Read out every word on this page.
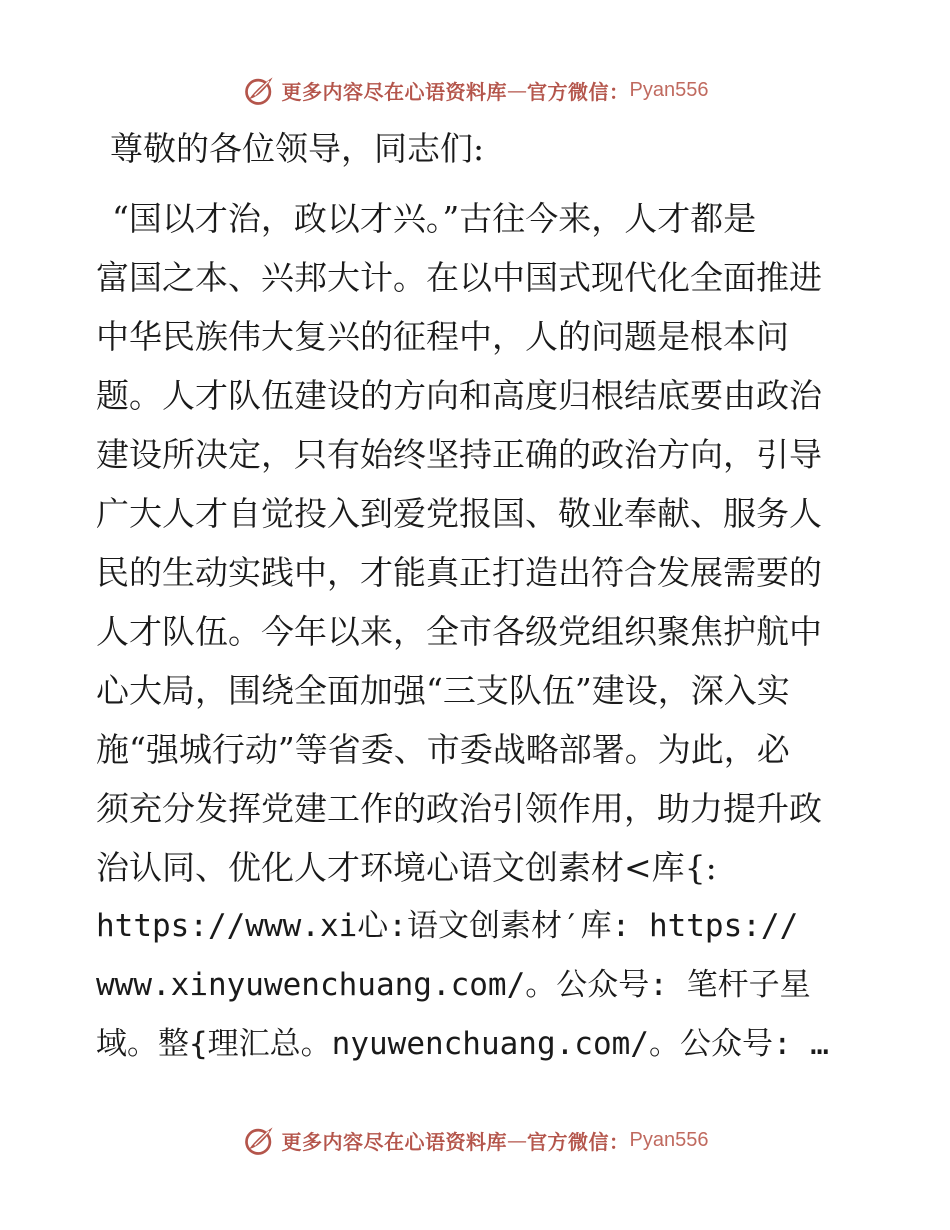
更多内容尽在心语资料库 — 官方微信： Pyan556
尊敬的各位领导，同志们:
“国以才治，政以才兴。”古往今来，人才都是
富国之本、兴邦大计。在以中国式现代化全面推进
中华民族伟大复兴的征程中，人的问题是根本问
题。人才队伍建设的方向和高度归根结底要由政治
建设所决定，只有始终坚持正确的政治方向，引导
广大人才自觉投入到爱党报国、敬业奉献、服务人
民的生动实践中，才能真正打造出符合发展需要的
人才队伍。今年以来，全市各级党组织聚焦护航中
心大局，围绕全面加强“三支队伍”建设，深入实
施“强城行动”等省委、市委战略部署。为此，必
须充分发挥党建工作的政治引领作用，助力提升政
治认同、优化人才环境心语文创素材<库{:
https://www.xi心:语文创素材′库: https://
www.xinyuwenchuang.com/。公众号: 笔杆子星
域。整{理汇总。nyuwenchuang.com/。公众号: …
更多内容尽在心语资料库 — 官方微信： Pyan556
